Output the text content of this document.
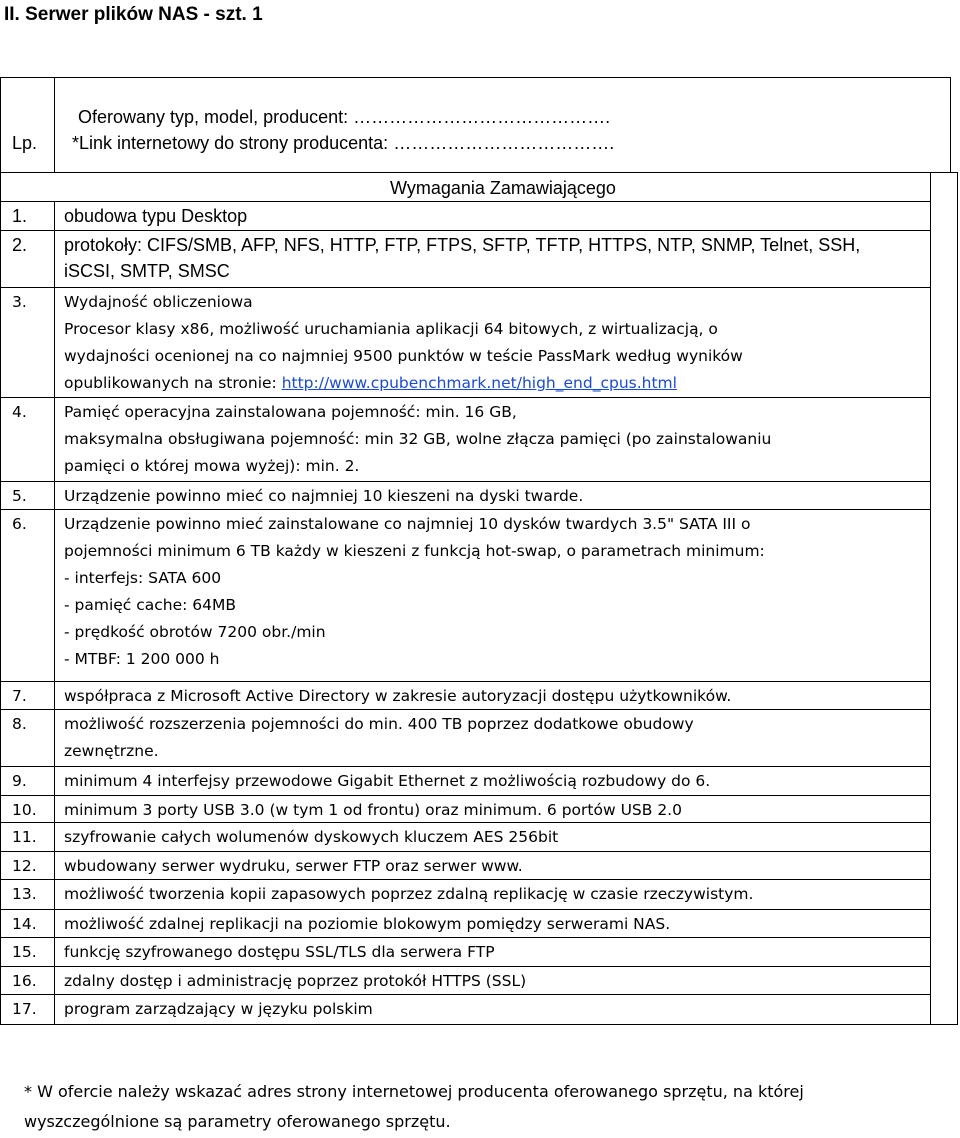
II. Serwer plików NAS - szt. 1
Lp.
Oferowany typ, model, producent: …………………………………….
*Link internetowy do strony producenta: ……………………………….
Wymagania Zamawiającego
1. obudowa typu Desktop
2. protokoły: CIFS/SMB, AFP, NFS, HTTP, FTP, FTPS, SFTP, TFTP, HTTPS, NTP, SNMP, Telnet, SSH,
iSCSI, SMTP, SMSC
3. Wydajność obliczeniowa
Procesor klasy x86, możliwość uruchamiania aplikacji 64 bitowych, z wirtualizacją, o
wydajności ocenionej na co najmniej 9500 punktów w teście PassMark według wyników
opublikowanych na stronie: http://www.cpubenchmark.net/high_end_cpus.html
4. Pamięć operacyjna zainstalowana pojemność: min. 16 GB,
maksymalna obsługiwana pojemność: min 32 GB, wolne złącza pamięci (po zainstalowaniu
pamięci o której mowa wyżej): min. 2.
5. Urządzenie powinno mieć co najmniej 10 kieszeni na dyski twarde.
6. Urządzenie powinno mieć zainstalowane co najmniej 10 dysków twardych 3.5" SATA III o
pojemności minimum 6 TB każdy w kieszeni z funkcją hot-swap, o parametrach minimum:
- interfejs: SATA 600
- pamięć cache: 64MB
- prędkość obrotów 7200 obr./min
- MTBF: 1 200 000 h
7. współpraca z Microsoft Active Directory w zakresie autoryzacji dostępu użytkowników.
8. możliwość rozszerzenia pojemności do min. 400 TB poprzez dodatkowe obudowy
zewnętrzne.
9. minimum 4 interfejsy przewodowe Gigabit Ethernet z możliwością rozbudowy do 6.
10. minimum 3 porty USB 3.0 (w tym 1 od frontu) oraz minimum. 6 portów USB 2.0
11. szyfrowanie całych wolumenów dyskowych kluczem AES 256bit
12. wbudowany serwer wydruku, serwer FTP oraz serwer www.
13. możliwość tworzenia kopii zapasowych poprzez zdalną replikację w czasie rzeczywistym.
14. możliwość zdalnej replikacji na poziomie blokowym pomiędzy serwerami NAS.
15. funkcję szyfrowanego dostępu SSL/TLS dla serwera FTP
16. zdalny dostęp i administrację poprzez protokół HTTPS (SSL)
17. program zarządzający w języku polskim
* W ofercie należy wskazać adres strony internetowej producenta oferowanego sprzętu, na której
wyszczególnione są parametry oferowanego sprzętu.
